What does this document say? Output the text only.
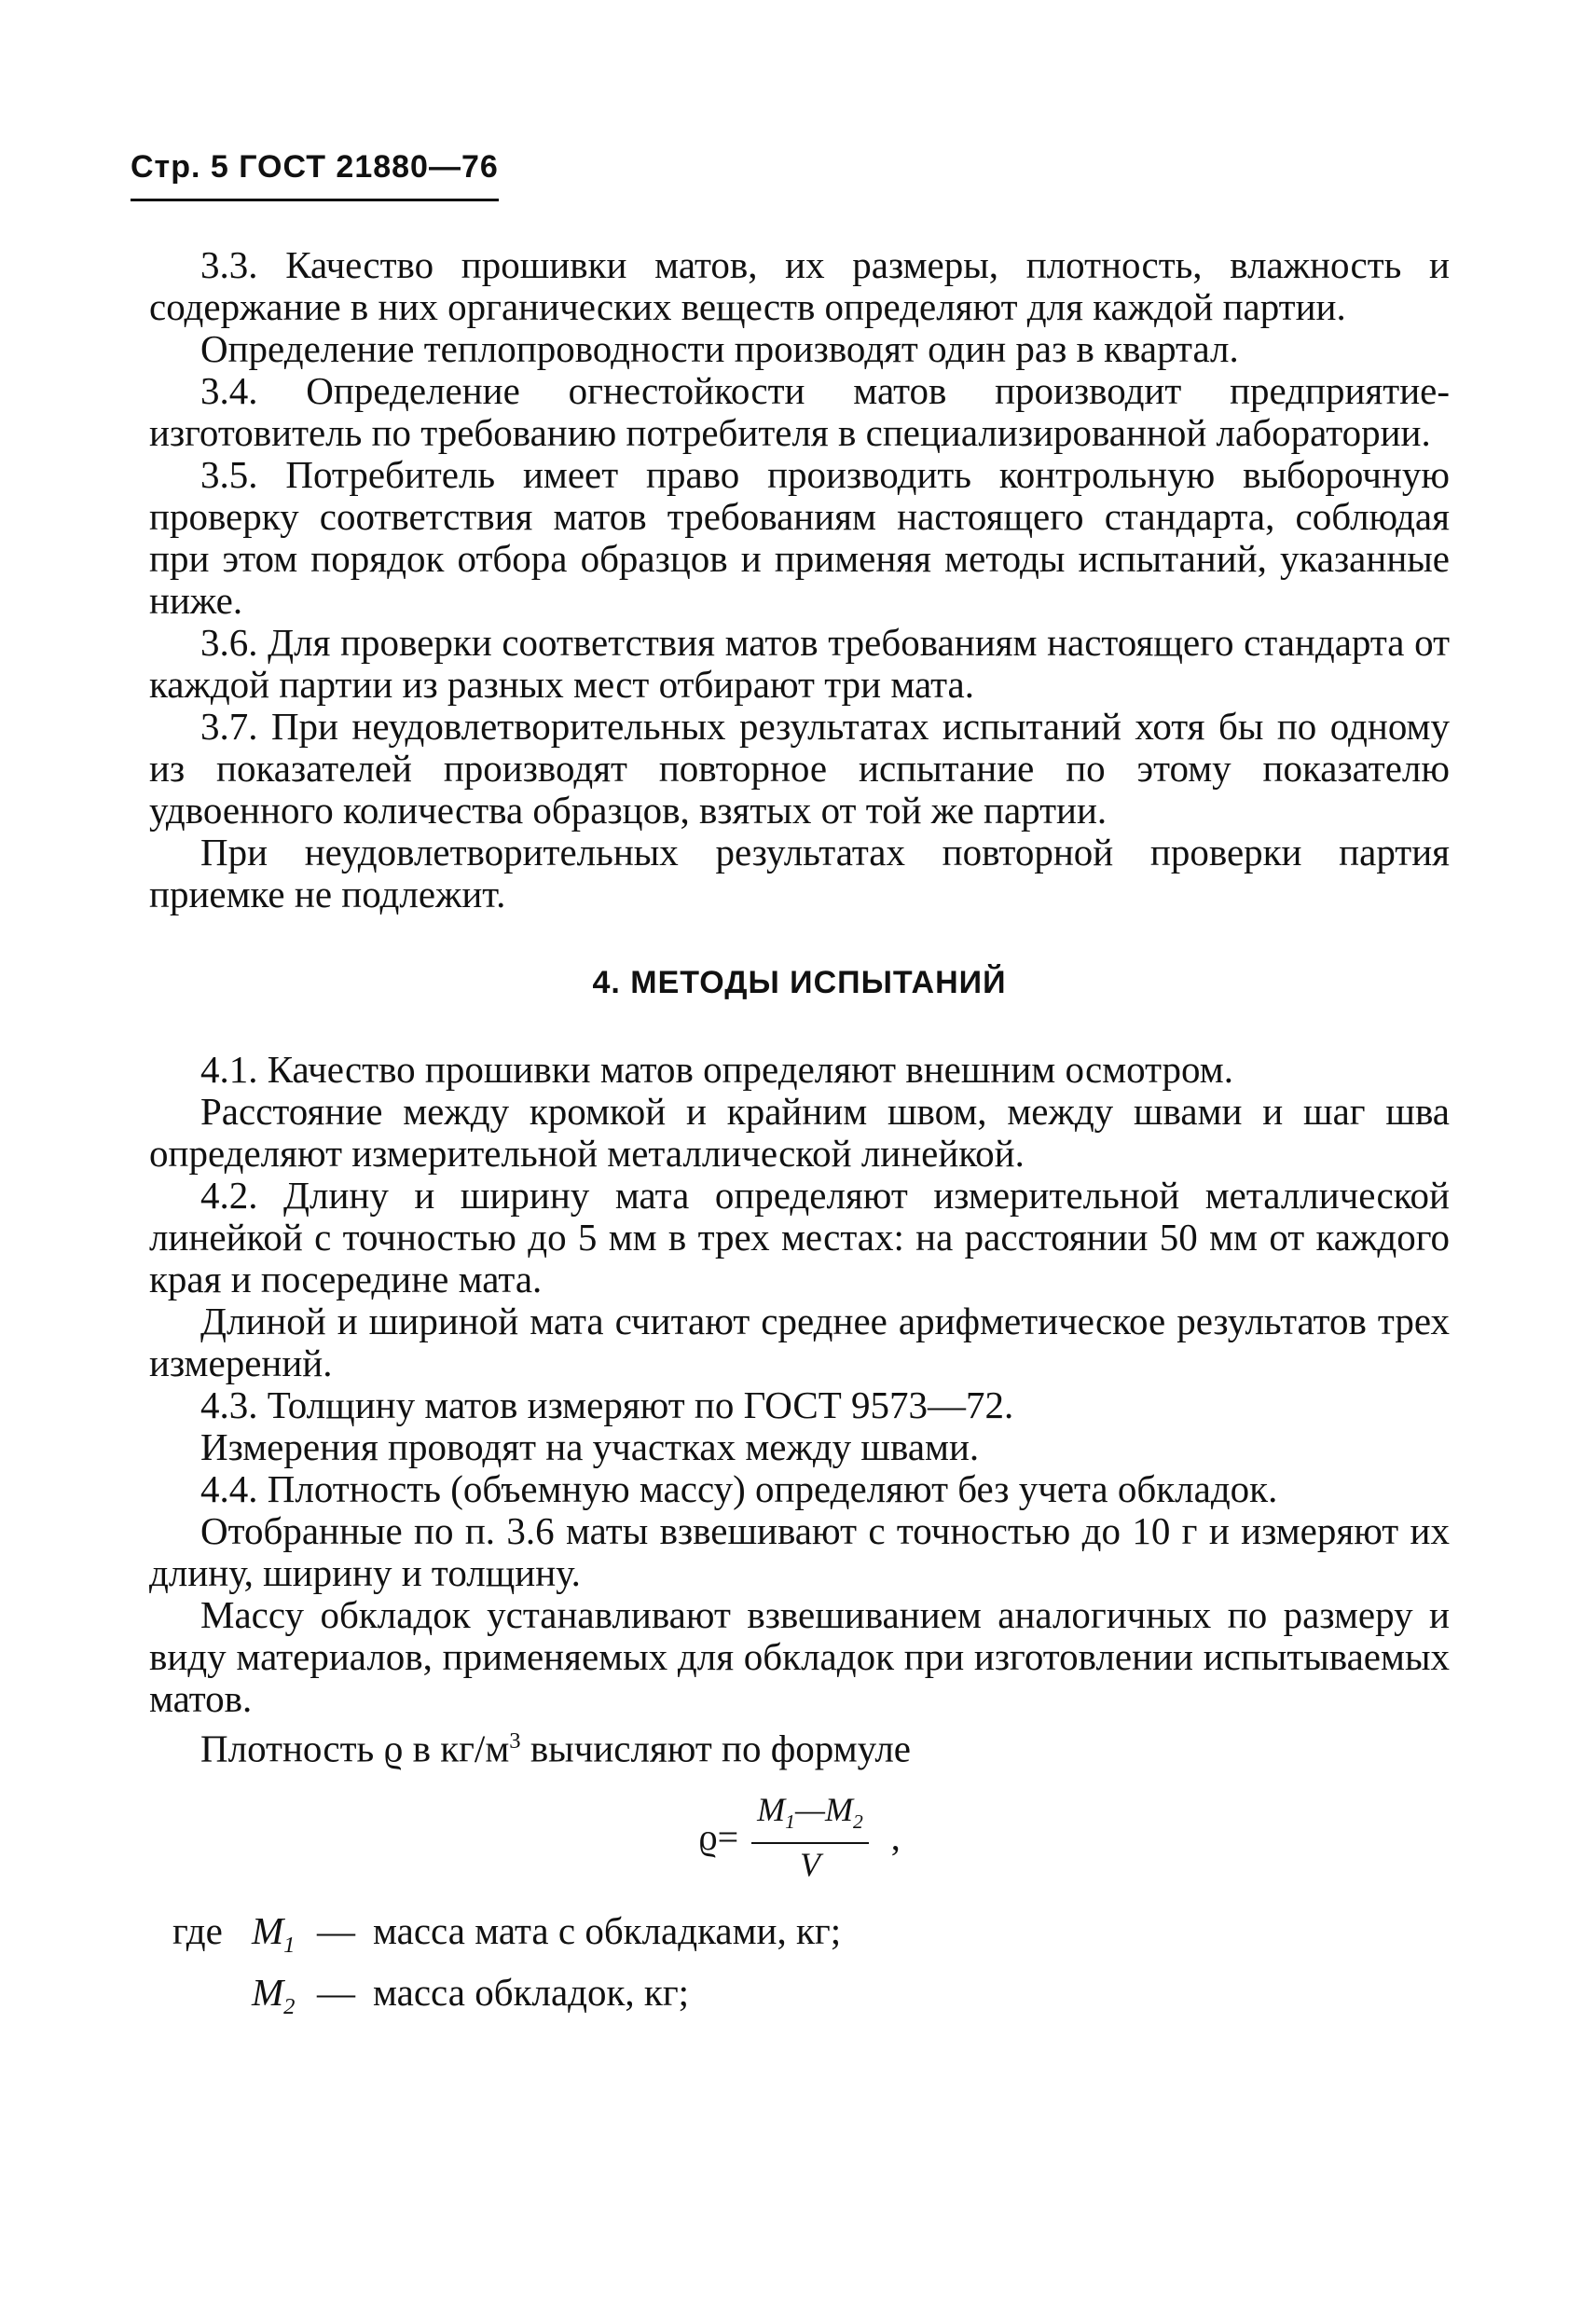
Стр. 5 ГОСТ 21880—76

3.3. Качество прошивки матов, их размеры, плотность, влажность и содержание в них органических веществ определяют для каждой партии.

Определение теплопроводности производят один раз в квартал.

3.4. Определение огнестойкости матов производит предприятие-изготовитель по требованию потребителя в специализированной лаборатории.

3.5. Потребитель имеет право производить контрольную выборочную проверку соответствия матов требованиям настоящего стандарта, соблюдая при этом порядок отбора образцов и применяя методы испытаний, указанные ниже.

3.6. Для проверки соответствия матов требованиям настоящего стандарта от каждой партии из разных мест отбирают три мата.

3.7. При неудовлетворительных результатах испытаний хотя бы по одному из показателей производят повторное испытание по этому показателю удвоенного количества образцов, взятых от той же партии.

При неудовлетворительных результатах повторной проверки партия приемке не подлежит.

4. МЕТОДЫ ИСПЫТАНИЙ

4.1. Качество прошивки матов определяют внешним осмотром.

Расстояние между кромкой и крайним швом, между швами и шаг шва определяют измерительной металлической линейкой.

4.2. Длину и ширину мата определяют измерительной металлической линейкой с точностью до 5 мм в трех местах: на расстоянии 50 мм от каждого края и посередине мата.

Длиной и шириной мата считают среднее арифметическое результатов трех измерений.

4.3. Толщину матов измеряют по ГОСТ 9573—72.

Измерения проводят на участках между швами.

4.4. Плотность (объемную массу) определяют без учета обкладок.

Отобранные по п. 3.6 маты взвешивают с точностью до 10 г и измеряют их длину, ширину и толщину.

Массу обкладок устанавливают взвешиванием аналогичных по размеру и виду материалов, применяемых для обкладок при изготовлении испытываемых матов.

Плотность ϱ в $кг/м^3$ вычисляют по формуле

$ϱ= \frac{M_1—M_2}{V}$ ,
где $M_1$ — масса мата с обкладками, кг;
$M_2$ — масса обкладок, кг;
